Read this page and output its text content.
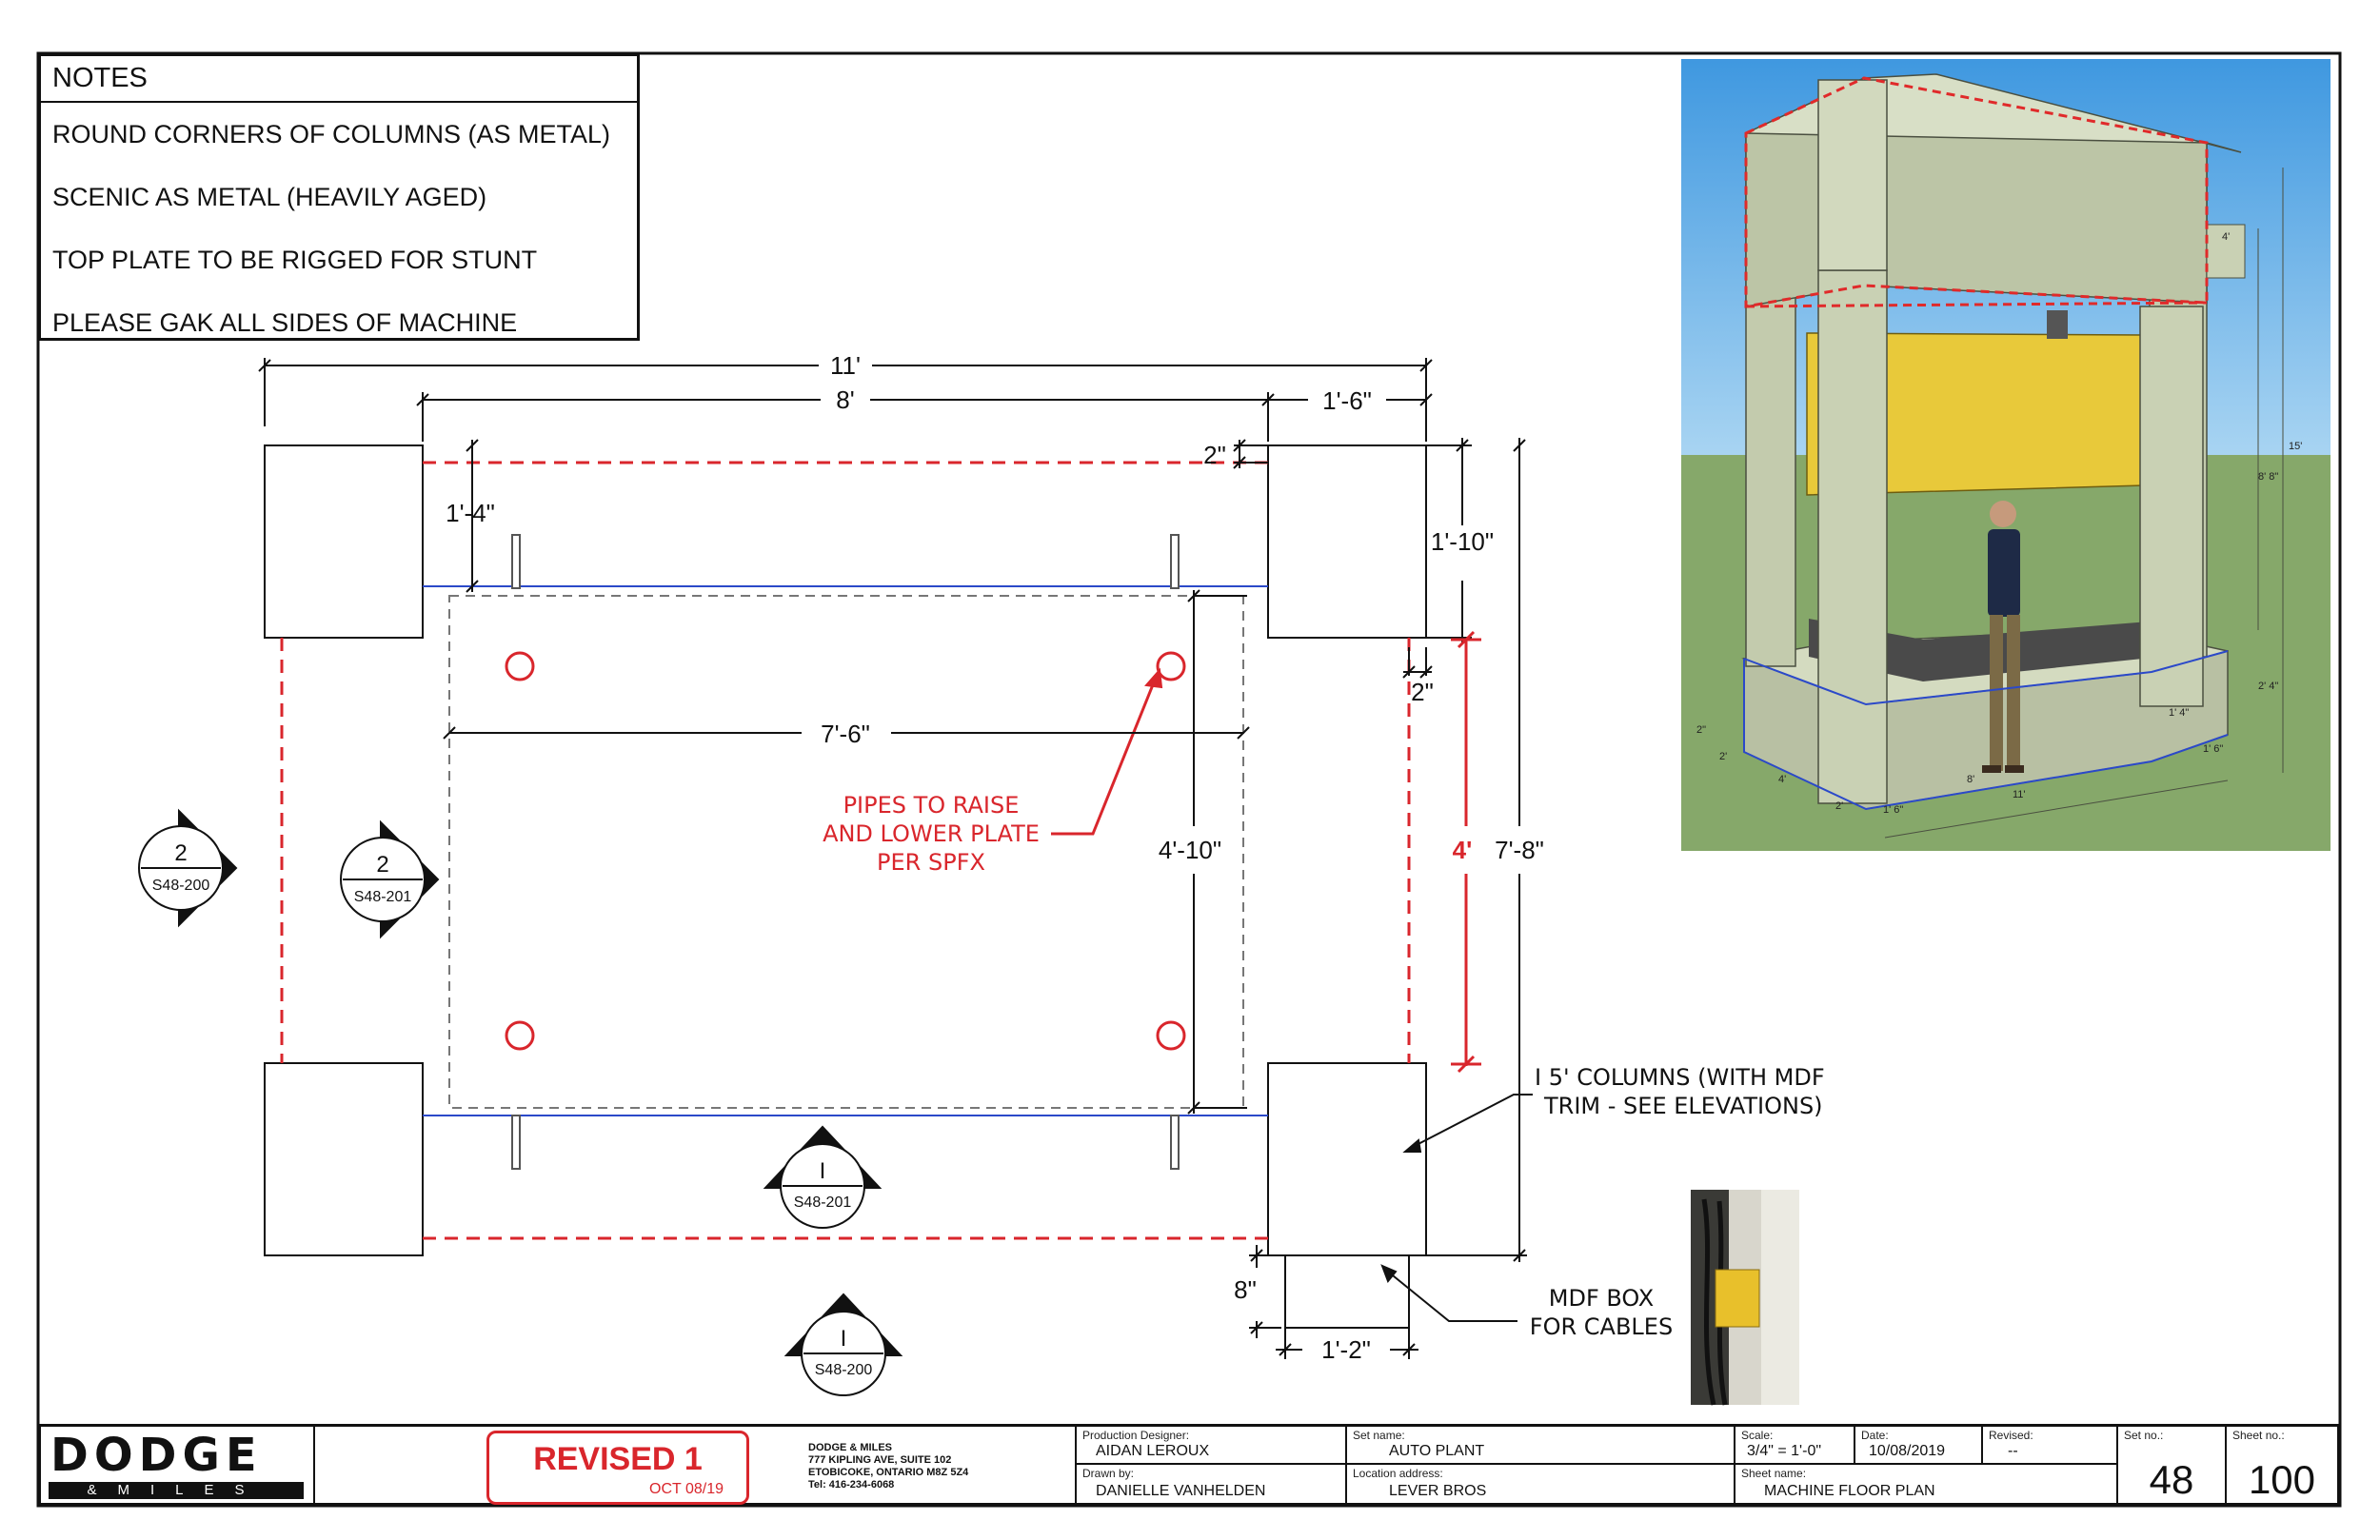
11'
8'	1'-6"
2"
1'-4"
1'-10"
2"
7'-6"
4'-10"	4' 7'-8"
8"
1'-2"
PIPES TO RAISE
AND LOWER PLATE
PER SPFX
I 5' COLUMNS (WITH MDF
TRIM - SEE ELEVATIONS)
MDF BOX
FOR CABLES
2
S48-200
2
S48-201
I
S48-201
I
S48-200
15'
8' 8"
4'
2' 4"
1' 4"
1' 6"
11'
8'
4'
2'
2'	1' 6"
2"
NOTES
ROUND CORNERS OF COLUMNS (AS METAL)
SCENIC AS METAL (HEAVILY AGED)
TOP PLATE TO BE RIGGED FOR STUNT
PLEASE GAK ALL SIDES OF MACHINE
DODGE
&MILES
REVISED 1
OCT 08/19
DODGE & MILES
777 KIPLING AVE, SUITE 102
ETOBICOKE, ONTARIO M8Z 5Z4
Tel: 416-234-6068
Production Designer:
AIDAN LEROUX
Drawn by:
DANIELLE VANHELDEN
Set name:
AUTO PLANT
Location address:
LEVER BROS
Scale:
3/4" = 1'-0"
Date:
10/08/2019
Revised:
--
Sheet name:
MACHINE FLOOR PLAN
Set no.:
48
Sheet no.:
100
